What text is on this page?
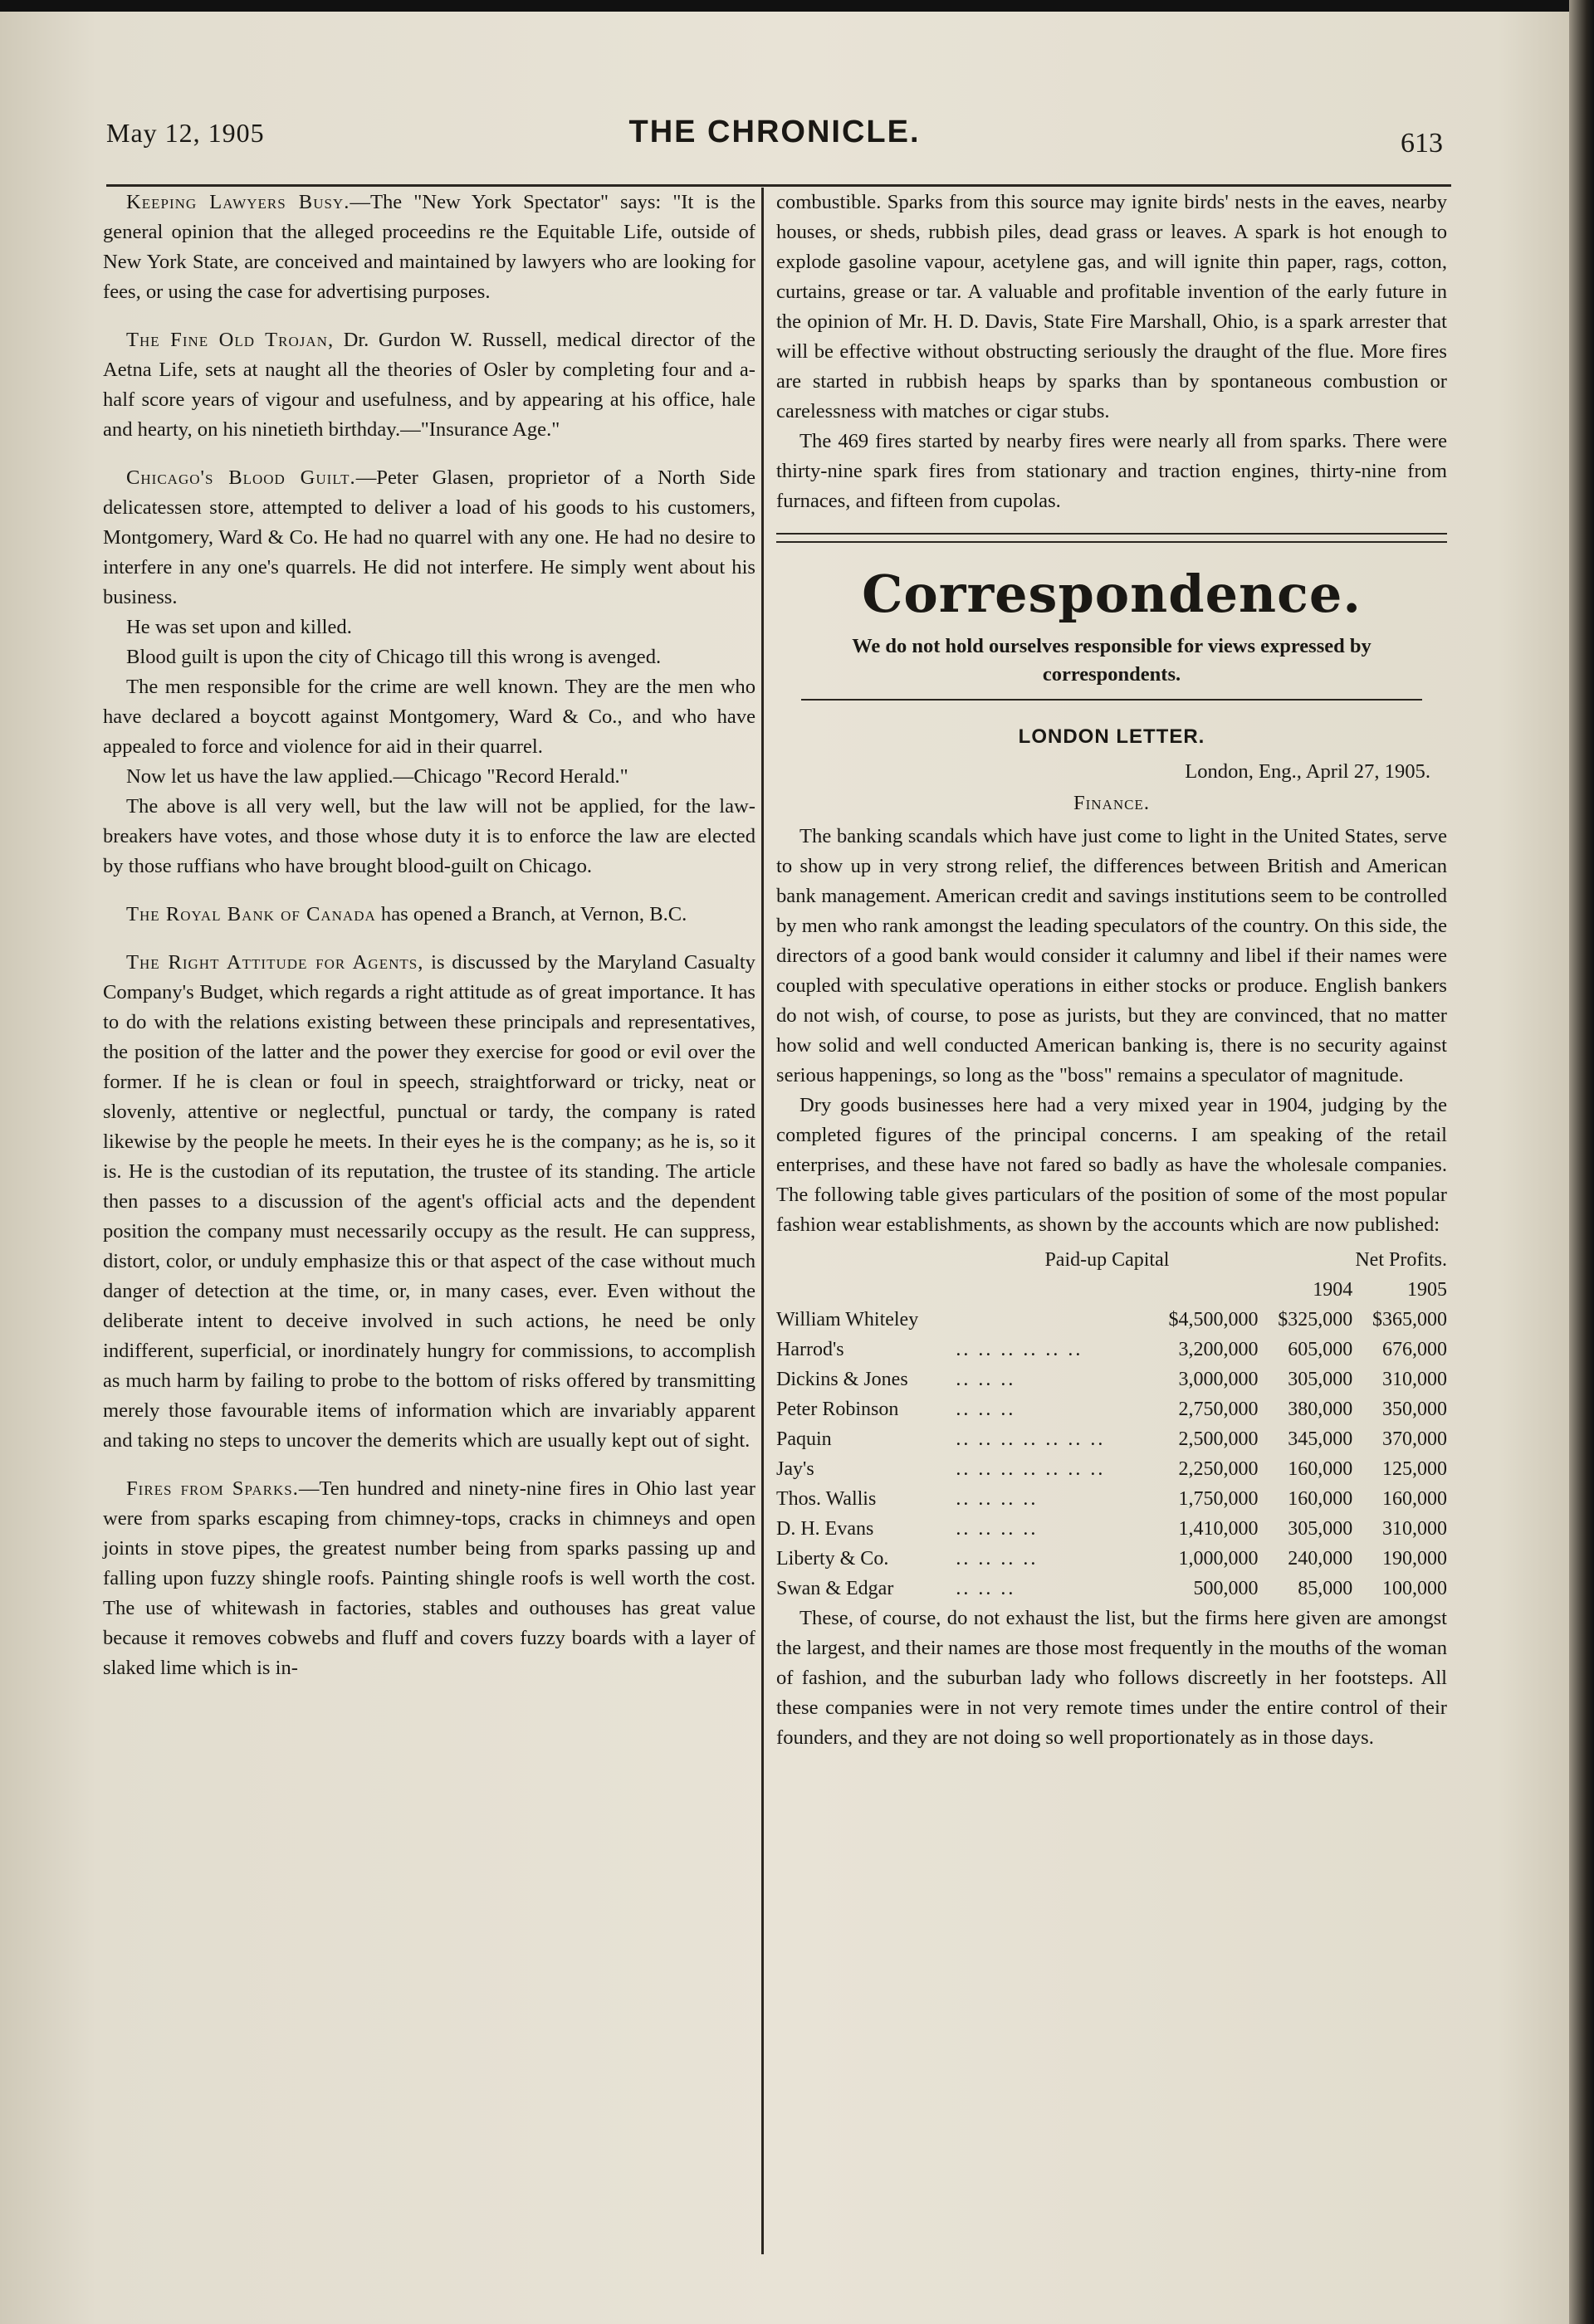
May 12, 1905	THE CHRONICLE.	613

Keeping Lawyers Busy.—The "New York Spectator" says: "It is the general opinion that the alleged proceedins re the Equitable Life, outside of New York State, are conceived and maintained by lawyers who are looking for fees, or using the case for advertising purposes.

The Fine Old Trojan, Dr. Gurdon W. Russell, medical director of the Aetna Life, sets at naught all the theories of Osler by completing four and a-half score years of vigour and usefulness, and by appearing at his office, hale and hearty, on his ninetieth birthday.—"Insurance Age."

Chicago's Blood Guilt.—Peter Glasen, proprietor of a North Side delicatessen store, attempted to deliver a load of his goods to his customers, Montgomery, Ward & Co. He had no quarrel with any one. He had no desire to interfere in any one's quarrels. He did not interfere. He simply went about his business.

He was set upon and killed.

Blood guilt is upon the city of Chicago till this wrong is avenged.

The men responsible for the crime are well known. They are the men who have declared a boycott against Montgomery, Ward & Co., and who have appealed to force and violence for aid in their quarrel.

Now let us have the law applied.—Chicago "Record Herald."

The above is all very well, but the law will not be applied, for the law-breakers have votes, and those whose duty it is to enforce the law are elected by those ruffians who have brought blood-guilt on Chicago.

The Royal Bank of Canada has opened a Branch, at Vernon, B.C.

The Right Attitude for Agents, is discussed by the Maryland Casualty Company's Budget, which regards a right attitude as of great importance. It has to do with the relations existing between these principals and representatives, the position of the latter and the power they exercise for good or evil over the former. If he is clean or foul in speech, straightforward or tricky, neat or slovenly, attentive or neglectful, punctual or tardy, the company is rated likewise by the people he meets. In their eyes he is the company; as he is, so it is. He is the custodian of its reputation, the trustee of its standing. The article then passes to a discussion of the agent's official acts and the dependent position the company must necessarily occupy as the result. He can suppress, distort, color, or unduly emphasize this or that aspect of the case without much danger of detection at the time, or, in many cases, ever. Even without the deliberate intent to deceive involved in such actions, he need be only indifferent, superficial, or inordinately hungry for commissions, to accomplish as much harm by failing to probe to the bottom of risks offered by transmitting merely those favourable items of information which are invariably apparent and taking no steps to uncover the demerits which are usually kept out of sight.

Fires from Sparks.—Ten hundred and ninety-nine fires in Ohio last year were from sparks escaping from chimney-tops, cracks in chimneys and open joints in stove pipes, the greatest number being from sparks passing up and falling upon fuzzy shingle roofs. Painting shingle roofs is well worth the cost. The use of whitewash in factories, stables and outhouses has great value because it removes cobwebs and fluff and covers fuzzy boards with a layer of slaked lime which is in-

combustible. Sparks from this source may ignite birds' nests in the eaves, nearby houses, or sheds, rubbish piles, dead grass or leaves. A spark is hot enough to explode gasoline vapour, acetylene gas, and will ignite thin paper, rags, cotton, curtains, grease or tar. A valuable and profitable invention of the early future in the opinion of Mr. H. D. Davis, State Fire Marshall, Ohio, is a spark arrester that will be effective without obstructing seriously the draught of the flue. More fires are started in rubbish heaps by sparks than by spontaneous combustion or carelessness with matches or cigar stubs.

The 469 fires started by nearby fires were nearly all from sparks. There were thirty-nine spark fires from stationary and traction engines, thirty-nine from furnaces, and fifteen from cupolas.

Correspondence.
We do not hold ourselves responsible for views expressed by correspondents.
LONDON LETTER.
London, Eng., April 27, 1905.
Finance.

The banking scandals which have just come to light in the United States, serve to show up in very strong relief, the differences between British and American bank management. American credit and savings institutions seem to be controlled by men who rank amongst the leading speculators of the country. On this side, the directors of a good bank would consider it calumny and libel if their names were coupled with speculative operations in either stocks or produce. English bankers do not wish, of course, to pose as jurists, but they are convinced, that no matter how solid and well conducted American banking is, there is no security against serious happenings, so long as the "boss" remains a speculator of magnitude.

Dry goods businesses here had a very mixed year in 1904, judging by the completed figures of the principal concerns. I am speaking of the retail enterprises, and these have not fared so badly as have the wholesale companies. The following table gives particulars of the position of some of the most popular fashion wear establishments, as shown by the accounts which are now published:

	Paid-up Capital		Net Profits.	
			1904	1905
William Whiteley		$4,500,000	$325,000	$365,000
Harrod's	.. .. .. .. .. ..	3,200,000	605,000	676,000
Dickins & Jones	.. .. ..	3,000,000	305,000	310,000
Peter Robinson	.. .. ..	2,750,000	380,000	350,000
Paquin	.. .. .. .. .. .. ..	2,500,000	345,000	370,000
Jay's	.. .. .. .. .. .. ..	2,250,000	160,000	125,000
Thos. Wallis	.. .. .. ..	1,750,000	160,000	160,000
D. H. Evans	.. .. .. ..	1,410,000	305,000	310,000
Liberty & Co.	.. .. .. ..	1,000,000	240,000	190,000
Swan & Edgar	.. .. ..	500,000	85,000	100,000

These, of course, do not exhaust the list, but the firms here given are amongst the largest, and their names are those most frequently in the mouths of the woman of fashion, and the suburban lady who follows discreetly in her footsteps. All these companies were in not very remote times under the entire control of their founders, and they are not doing so well proportionately as in those days.
